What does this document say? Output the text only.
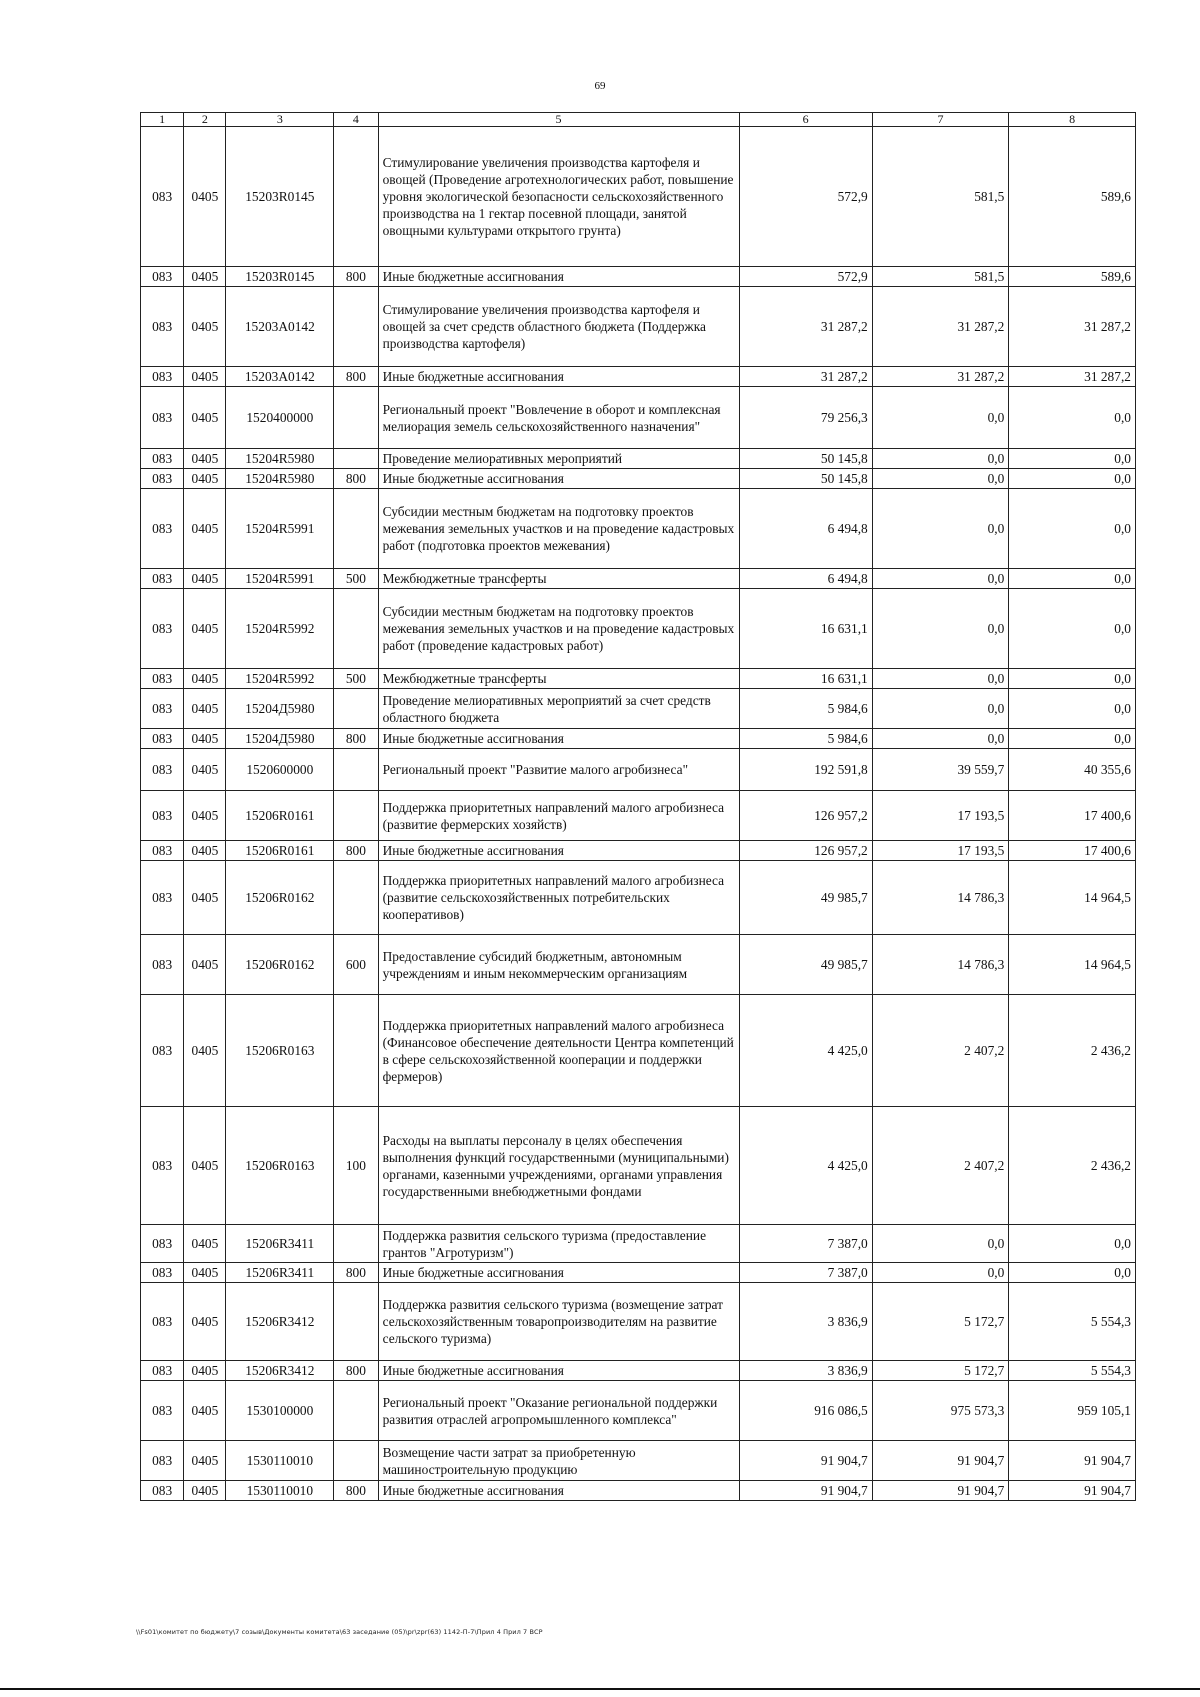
69
1	2	3	4	5	6	7	8
083	0405	15203R0145		Стимулирование увеличения производства картофеля и овощей (Проведение агротехнологических работ, повышение уровня экологической безопасности сельскохозяйственного производства на 1 гектар посевной площади, занятой овощными культурами открытого грунта)	572,9	581,5	589,6
083	0405	15203R0145	800	Иные бюджетные ассигнования	572,9	581,5	589,6
083	0405	15203А0142		Стимулирование увеличения производства картофеля и овощей за счет средств областного бюджета (Поддержка производства картофеля)	31 287,2	31 287,2	31 287,2
083	0405	15203А0142	800	Иные бюджетные ассигнования	31 287,2	31 287,2	31 287,2
083	0405	1520400000		Региональный проект "Вовлечение в оборот и комплексная мелиорация земель сельскохозяйственного назначения"	79 256,3	0,0	0,0
083	0405	15204R5980		Проведение мелиоративных мероприятий	50 145,8	0,0	0,0
083	0405	15204R5980	800	Иные бюджетные ассигнования	50 145,8	0,0	0,0
083	0405	15204R5991		Субсидии местным бюджетам на подготовку проектов межевания земельных участков и на проведение кадастровых работ (подготовка проектов межевания)	6 494,8	0,0	0,0
083	0405	15204R5991	500	Межбюджетные трансферты	6 494,8	0,0	0,0
083	0405	15204R5992		Субсидии местным бюджетам на подготовку проектов межевания земельных участков и на проведение кадастровых работ (проведение кадастровых работ)	16 631,1	0,0	0,0
083	0405	15204R5992	500	Межбюджетные трансферты	16 631,1	0,0	0,0
083	0405	15204Д5980		Проведение мелиоративных мероприятий за счет средств областного бюджета	5 984,6	0,0	0,0
083	0405	15204Д5980	800	Иные бюджетные ассигнования	5 984,6	0,0	0,0
083	0405	1520600000		Региональный проект "Развитие малого агробизнеса"	192 591,8	39 559,7	40 355,6
083	0405	15206R0161		Поддержка приоритетных направлений малого агробизнеса (развитие фермерских хозяйств)	126 957,2	17 193,5	17 400,6
083	0405	15206R0161	800	Иные бюджетные ассигнования	126 957,2	17 193,5	17 400,6
083	0405	15206R0162		Поддержка приоритетных направлений малого агробизнеса (развитие сельскохозяйственных потребительских кооперативов)	49 985,7	14 786,3	14 964,5
083	0405	15206R0162	600	Предоставление субсидий бюджетным, автономным учреждениям и иным некоммерческим организациям	49 985,7	14 786,3	14 964,5
083	0405	15206R0163		Поддержка приоритетных направлений малого агробизнеса (Финансовое обеспечение деятельности Центра компетенций в сфере сельскохозяйственной кооперации и поддержки фермеров)	4 425,0	2 407,2	2 436,2
083	0405	15206R0163	100	Расходы на выплаты персоналу в целях обеспечения выполнения функций государственными (муниципальными) органами, казенными учреждениями, органами управления государственными внебюджетными фондами	4 425,0	2 407,2	2 436,2
083	0405	15206R3411		Поддержка развития сельского туризма (предоставление грантов "Агротуризм")	7 387,0	0,0	0,0
083	0405	15206R3411	800	Иные бюджетные ассигнования	7 387,0	0,0	0,0
083	0405	15206R3412		Поддержка развития сельского туризма (возмещение затрат сельскохозяйственным товаропроизводителям на развитие сельского туризма)	3 836,9	5 172,7	5 554,3
083	0405	15206R3412	800	Иные бюджетные ассигнования	3 836,9	5 172,7	5 554,3
083	0405	1530100000		Региональный проект "Оказание региональной поддержки развития отраслей агропромышленного комплекса"	916 086,5	975 573,3	959 105,1
083	0405	1530110010		Возмещение части затрат за приобретенную машиностроительную продукцию	91 904,7	91 904,7	91 904,7
083	0405	1530110010	800	Иные бюджетные ассигнования	91 904,7	91 904,7	91 904,7
\\Fs01\комитет по бюджету\7 созыв\Документы комитета\63 заседание (05)\pr\zpr(63) 1142-П-7\Прил 4 Прил 7 ВСР
